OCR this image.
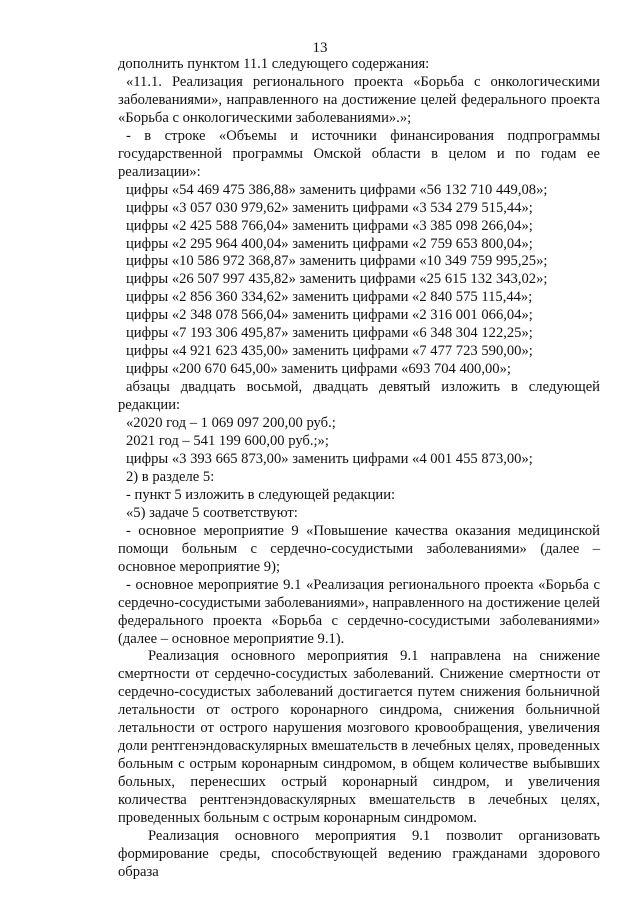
13

дополнить пунктом 11.1 следующего содержания:

«11.1. Реализация регионального проекта «Борьба с онкологическими заболеваниями», направленного на достижение целей федерального проекта «Борьба с онкологическими заболеваниями».»;

- в строке «Объемы и источники финансирования подпрограммы государственной программы Омской области в целом и по годам ее реализации»:

цифры «54 469 475 386,88» заменить цифрами «56 132 710 449,08»;

цифры «3 057 030 979,62» заменить цифрами «3 534 279 515,44»;

цифры «2 425 588 766,04» заменить цифрами «3 385 098 266,04»;

цифры «2 295 964 400,04» заменить цифрами «2 759 653 800,04»;

цифры «10 586 972 368,87» заменить цифрами «10 349 759 995,25»;

цифры «26 507 997 435,82» заменить цифрами «25 615 132 343,02»;

цифры «2 856 360 334,62» заменить цифрами «2 840 575 115,44»;

цифры «2 348 078 566,04» заменить цифрами «2 316 001 066,04»;

цифры «7 193 306 495,87» заменить цифрами «6 348 304 122,25»;

цифры «4 921 623 435,00» заменить цифрами «7 477 723 590,00»;

цифры «200 670 645,00» заменить цифрами «693 704 400,00»;

абзацы двадцать восьмой, двадцать девятый изложить в следующей редакции:

«2020 год – 1 069 097 200,00 руб.;

2021 год – 541 199 600,00 руб.;»;

цифры «3 393 665 873,00» заменить цифрами «4 001 455 873,00»;

2) в разделе 5:

- пункт 5 изложить в следующей редакции:

«5) задаче 5 соответствуют:

- основное мероприятие 9 «Повышение качества оказания медицинской помощи больным с сердечно-сосудистыми заболеваниями» (далее – основное мероприятие 9);

- основное мероприятие 9.1 «Реализация регионального проекта «Борьба с сердечно-сосудистыми заболеваниями», направленного на достижение целей федерального проекта «Борьба с сердечно-сосудистыми заболеваниями» (далее – основное мероприятие 9.1).

Реализация основного мероприятия 9.1 направлена на снижение смертности от сердечно-сосудистых заболеваний. Снижение смертности от сердечно-сосудистых заболеваний достигается путем снижения больничной летальности от острого коронарного синдрома, снижения больничной летальности от острого нарушения мозгового кровообращения, увеличения доли рентгенэндоваскулярных вмешательств в лечебных целях, проведенных больным с острым коронарным синдромом, в общем количестве выбывших больных, перенесших острый коронарный синдром, и увеличения количества рентгенэндоваскулярных вмешательств в лечебных целях, проведенных больным с острым коронарным синдромом.

Реализация основного мероприятия 9.1 позволит организовать формирование среды, способствующей ведению гражданами здорового образа
